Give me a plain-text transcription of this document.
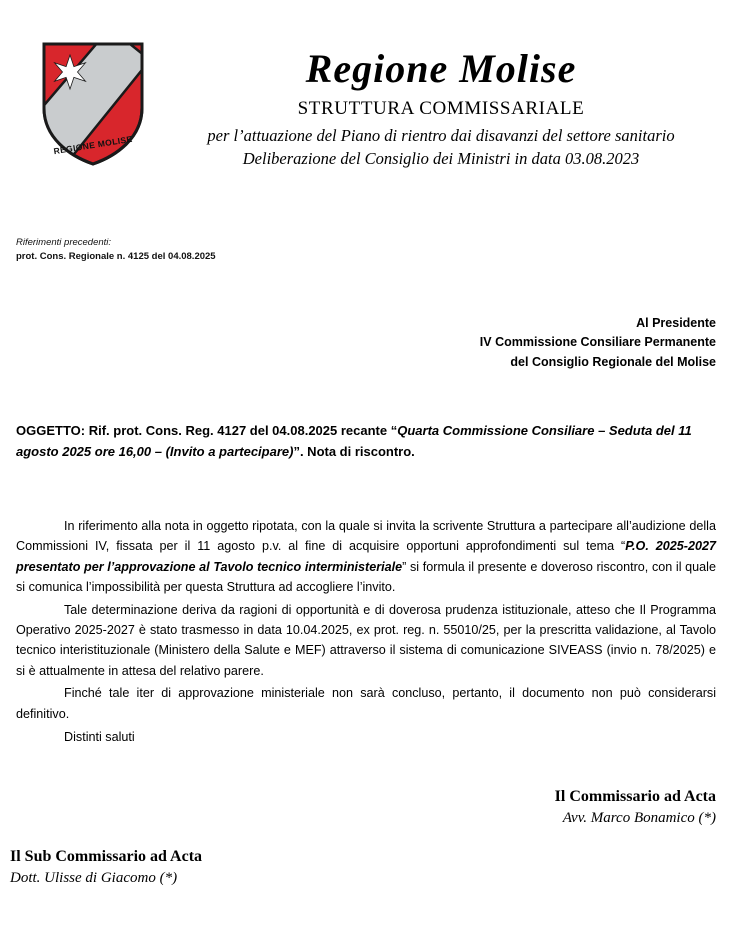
REGIONE MOLISE
Regione Molise
STRUTTURA COMMISSARIALE
per l’attuazione del Piano di rientro dai disavanzi del settore sanitario
Deliberazione del Consiglio dei Ministri in data 03.08.2023
Riferimenti precedenti:
prot. Cons. Regionale n. 4125 del 04.08.2025
Al Presidente
IV Commissione Consiliare Permanente
del Consiglio Regionale del Molise
OGGETTO: Rif. prot. Cons. Reg. 4127 del 04.08.2025 recante “Quarta Commissione Consiliare – Seduta del 11 agosto 2025 ore 16,00 – (Invito a partecipare)”. Nota di riscontro.

In riferimento alla nota in oggetto ripotata, con la quale si invita la scrivente Struttura a partecipare all’audizione della Commissioni IV, fissata per il 11 agosto p.v. al fine di acquisire opportuni approfondimenti sul tema “P.O. 2025-2027 presentato per l’approvazione al Tavolo tecnico interministeriale” si formula il presente e doveroso riscontro, con il quale si comunica l’impossibilità per questa Struttura ad accogliere l’invito.

Tale determinazione deriva da ragioni di opportunità e di doverosa prudenza istituzionale, atteso che Il Programma Operativo 2025-2027 è stato trasmesso in data 10.04.2025, ex prot. reg. n. 55010/25, per la prescritta validazione, al Tavolo tecnico interistituzionale (Ministero della Salute e MEF) attraverso il sistema di comunicazione SIVEASS (invio n. 78/2025) e si è attualmente in attesa del relativo parere.

Finché tale iter di approvazione ministeriale non sarà concluso, pertanto, il documento non può considerarsi definitivo.

Distinti saluti
Il Commissario ad Acta
Avv. Marco Bonamico (*)
Il Sub Commissario ad Acta
Dott. Ulisse di Giacomo (*)
